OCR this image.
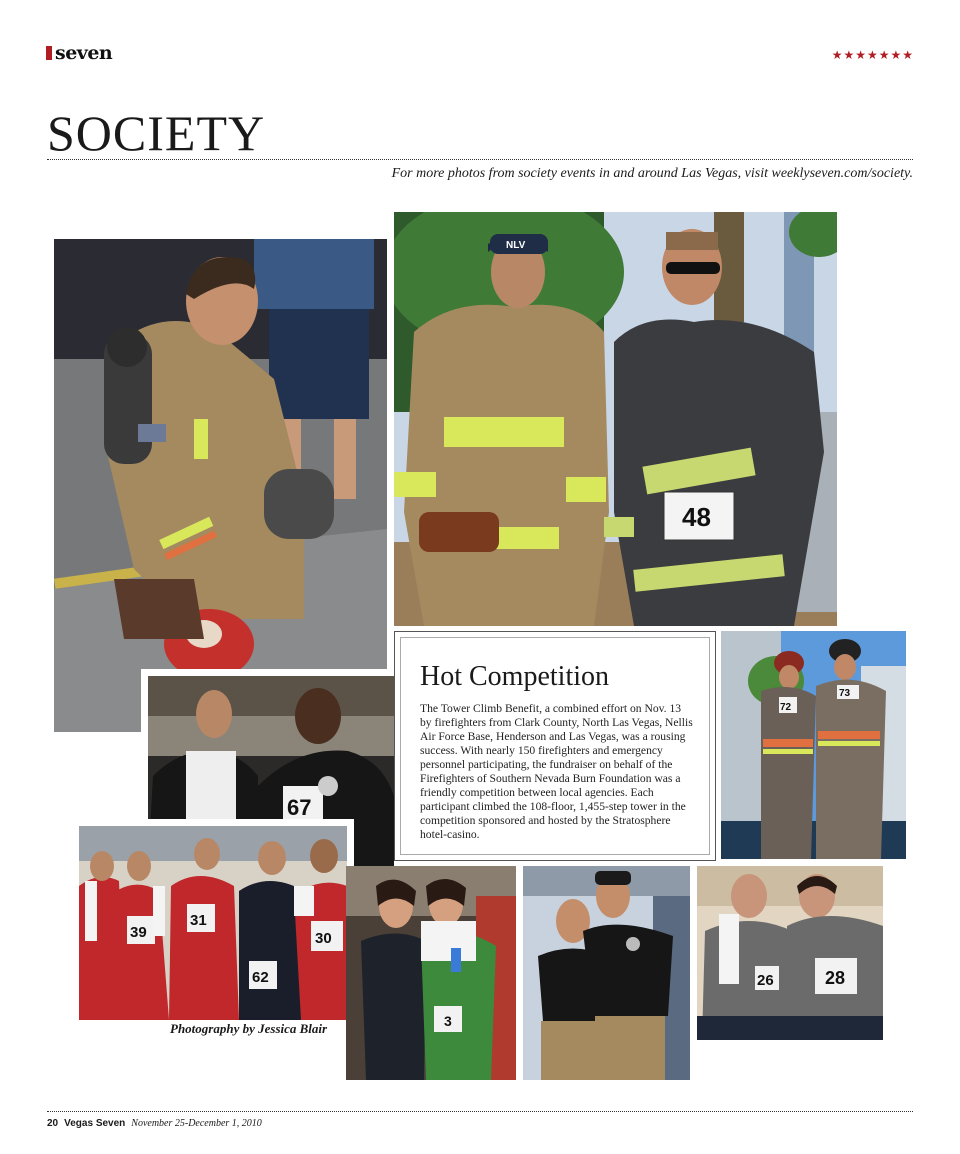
seven	★★★★★★★
SOCIETY
For more photos from society events in and around Las Vegas, visit weeklyseven.com/society.
NLV
48
67
39
31
62
30
3
26	28
72
73
Hot Competition
The Tower Climb Benefit, a combined effort on Nov. 13 by firefighters from Clark County, North Las Vegas, Nellis Air Force Base, Henderson and Las Vegas, was a rousing success. With nearly 150 firefighters and emergency personnel participating, the fundraiser on behalf of the Firefighters of Southern Nevada Burn Foundation was a friendly competition between local agencies. Each participant climbed the 108-floor, 1,455-step tower in the competition sponsored and hosted by the Stratosphere hotel-casino.
Photography by Jessica Blair
20 Vegas Seven November 25-December 1, 2010
